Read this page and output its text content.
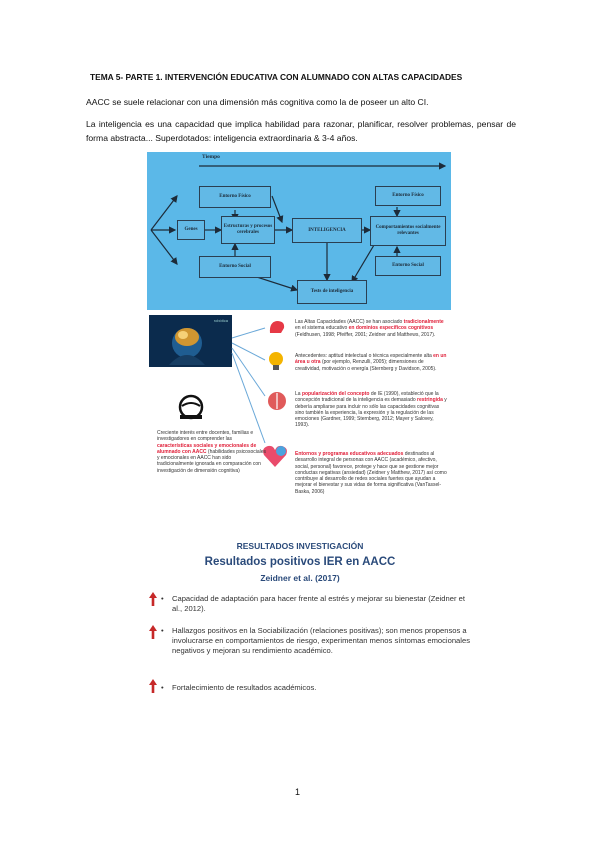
TEMA 5- PARTE 1. INTERVENCIÓN EDUCATIVA CON ALUMNADO CON ALTAS CAPACIDADES
AACC se suele relacionar con una dimensión más cognitiva como la de poseer un alto CI.
La inteligencia es una capacidad que implica habilidad para razonar, planificar, resolver problemas, pensar de forma abstracta... Superdotados: inteligencia extraordinaria & 3-4 años.
Tiempo
Entorno Físico
Genes
Estructuras y procesos cerebrales
Entorno Social
INTELIGENCIA
Entorno Físico
Comportamientos socialmente relevantes
Entorno Social
Tests de inteligencia
robótica	Las Altas Capacidades (AACC) se han asociado tradicionalmente en el sistema educativo en dominios específicos cognitivos (Feldhusen, 1998; Pfeiffer, 2001; Zeidner and Matthews, 2017).
Antecedentes: aptitud intelectual o técnica especialmente alta en un área u otra (por ejemplo, Renzulli, 2005); dimensiones de creatividad, motivación o energía (Sternberg y Davidson, 2005).
La popularización del concepto de IE (1990), estableció que la concepción tradicional de la inteligencia es demasiado restringida y debería ampliarse para incluir no sólo las capacidades cognitivas sino también la experiencia, la expresión y la regulación de las emociones (Gardner, 1999; Sternberg, 2012; Mayer y Salovey, 1993).
Entornos y programas educativos adecuados destinados al desarrollo integral de personas con AACC (académico, afectivo, social, personal) favorece, protege y hace que se gestione mejor conductas negativas (ansiedad) (Zeidner y Matthew, 2017) así como contribuye al desarrollo de redes sociales fuertes que ayudan a mejorar el bienestar y sus vidas de forma significativa (VanTassel-Baska, 2006)
Creciente interés entre docentes, familias e investigadores en comprender las características sociales y emocionales de alumnado con AACC (habilidades psicosociales y emocionales en AACC han sido tradicionalmente ignorada en comparación con investigación de dimensión cognitiva)
RESULTADOS INVESTIGACIÓN
Resultados positivos IER en AACC
Zeidner et al. (2017)
• Capacidad de adaptación para hacer frente al estrés y mejorar su bienestar (Zeidner et al., 2012).
• Hallazgos positivos en la Sociabilización (relaciones positivas); son menos propensos a involucrarse en comportamientos de riesgo, experimentan menos síntomas emocionales negativos y mejoran su rendimiento académico.
• Fortalecimiento de resultados académicos.
1
